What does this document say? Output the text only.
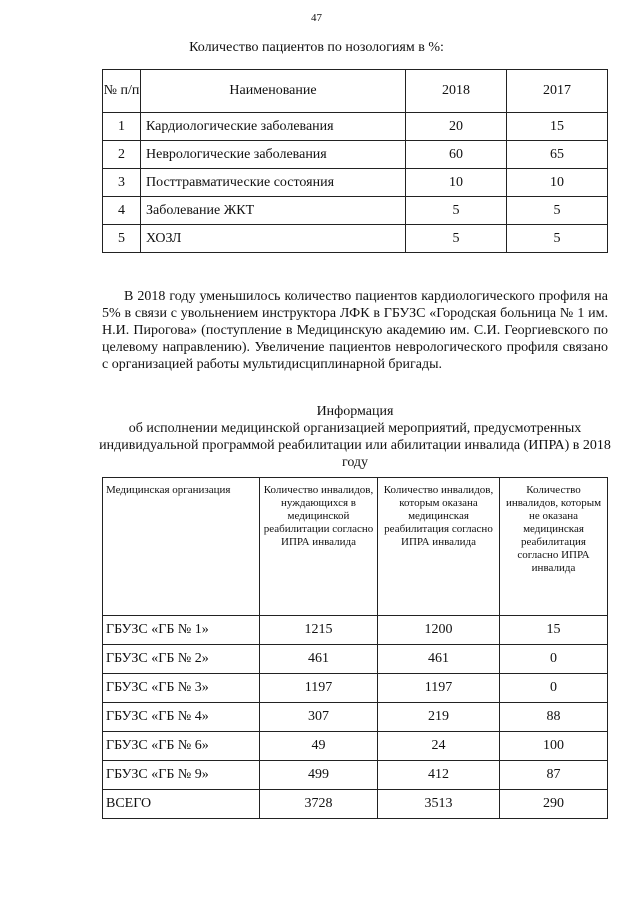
47
Количество пациентов по нозологиям в %:
№ п/п	Наименование	2018	2017
1	Кардиологические заболевания	20	15
2	Неврологические заболевания	60	65
3	Посттравматические состояния	10	10
4	Заболевание ЖКТ	5	5
5	ХОЗЛ	5	5

В 2018 году уменьшилось количество пациентов кардиологического профиля на 5% в связи с увольнением инструктора ЛФК в ГБУЗС «Городская больница № 1 им. Н.И. Пирогова» (поступление в Медицинскую академию им. С.И. Георгиевского по целевому направлению). Увеличение пациентов неврологического профиля связано с организацией работы мультидисциплинарной бригады.

Информация
об исполнении медицинской организацией мероприятий, предусмотренных индивидуальной программой реабилитации или абилитации инвалида (ИПРА) в 2018 году
Медицинская организация	Количество инвалидов, нуждающихся в медицинской реабилитации согласно ИПРА инвалида	Количество инвалидов, которым оказана медицинская реабилитация согласно ИПРА инвалида	Количество инвалидов, которым не оказана медицинская реабилитация согласно ИПРА инвалида
ГБУЗС «ГБ № 1»	1215	1200	15
ГБУЗС «ГБ № 2»	461	461	0
ГБУЗС «ГБ № 3»	1197	1197	0
ГБУЗС «ГБ № 4»	307	219	88
ГБУЗС «ГБ № 6»	49	24	100
ГБУЗС «ГБ № 9»	499	412	87
ВСЕГО	3728	3513	290
